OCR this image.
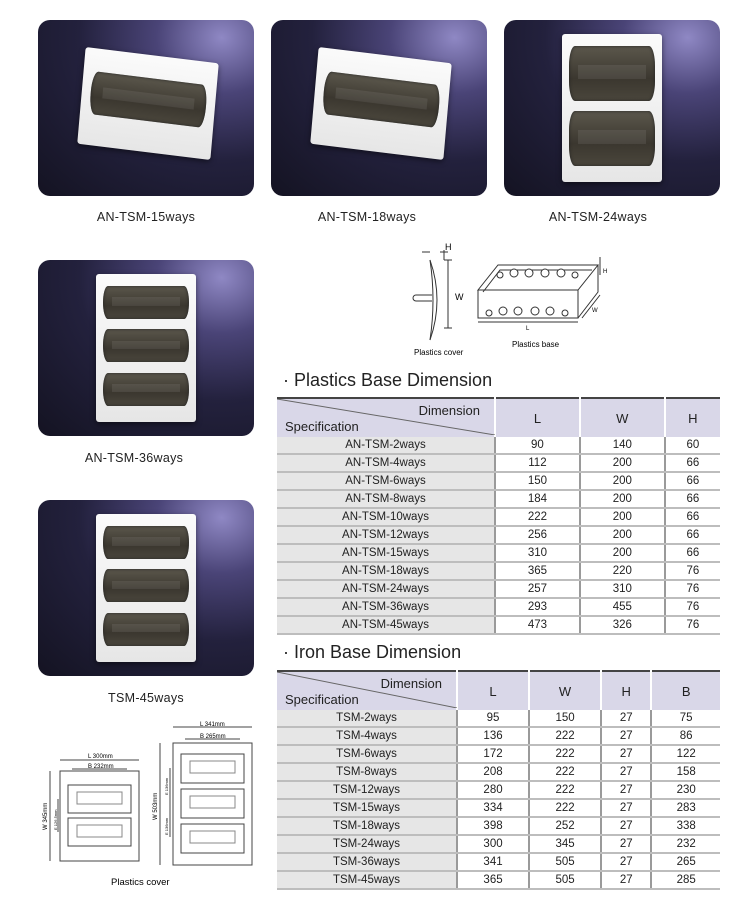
AN-TSM-15ways	AN-TSM-18ways	AN-TSM-24ways
AN-TSM-36ways
TSM-45ways
H
W
L
H
W
Plastics cover
Plastics base
· Plastics Base Dimension
Dimension
Specification	L	W	H
AN-TSM-2ways	90	140	60
AN-TSM-4ways	112	200	66
AN-TSM-6ways	150	200	66
AN-TSM-8ways	184	200	66
AN-TSM-10ways	222	200	66
AN-TSM-12ways	256	200	66
AN-TSM-15ways	310	200	66
AN-TSM-18ways	365	220	76
AN-TSM-24ways	257	310	76
AN-TSM-36ways	293	455	76
AN-TSM-45ways	473	326	76
· Iron Base Dimension
Dimension
Specification	L	W	H	B
TSM-2ways	95	150	27	75
TSM-4ways	136	222	27	86
TSM-6ways	172	222	27	122
TSM-8ways	208	222	27	158
TSM-12ways	280	222	27	230
TSM-15ways	334	222	27	283
TSM-18ways	398	252	27	338
TSM-24ways	300	345	27	232
TSM-36ways	341	505	27	265
TSM-45ways	365	505	27	285
L 300mm
B 232mm
W 345mm E 126.5mm
L 341mm
B 265mm
W 503mm
E 136mm
E 136mm
Plastics cover
